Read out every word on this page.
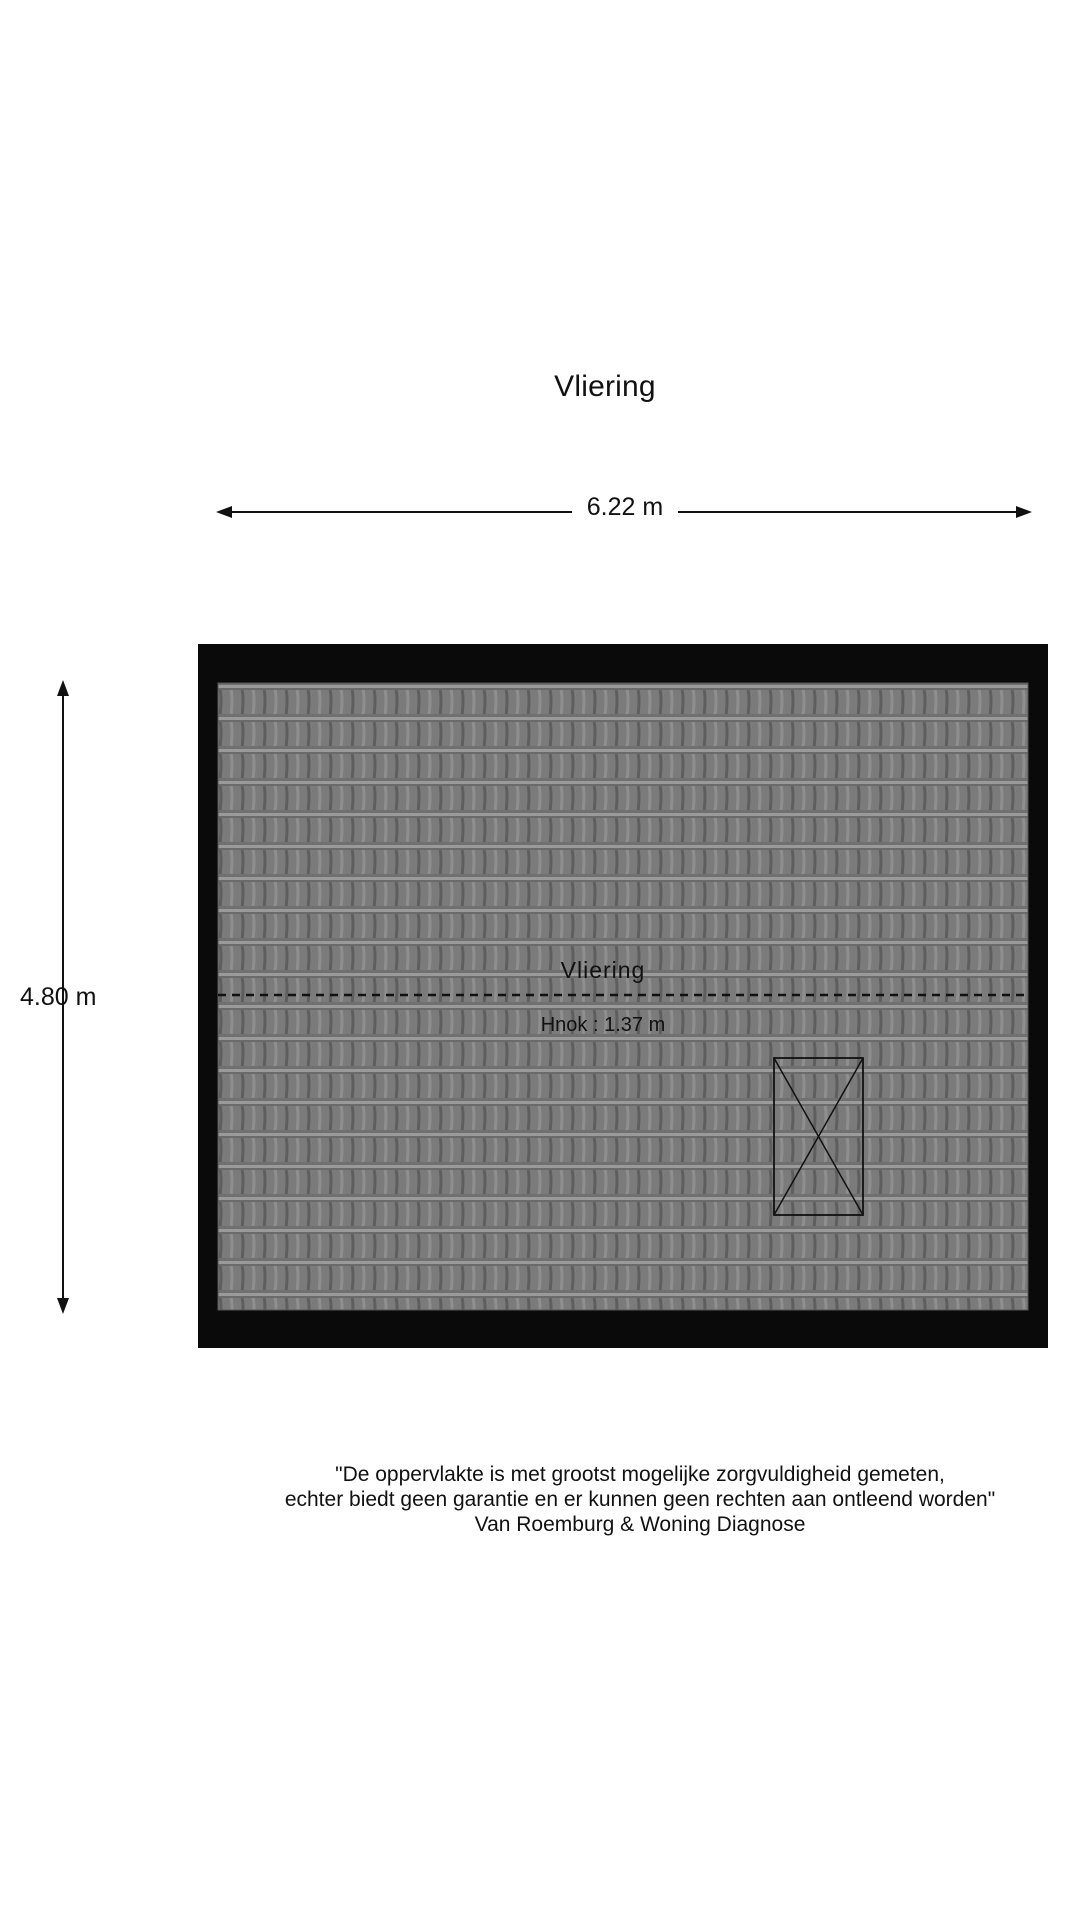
Vliering
6.22 m
4.80 m
Vliering
Hnok : 1.37 m
"De oppervlakte is met grootst mogelijke zorgvuldigheid gemeten,
echter biedt geen garantie en er kunnen geen rechten aan ontleend worden"
Van Roemburg & Woning Diagnose
